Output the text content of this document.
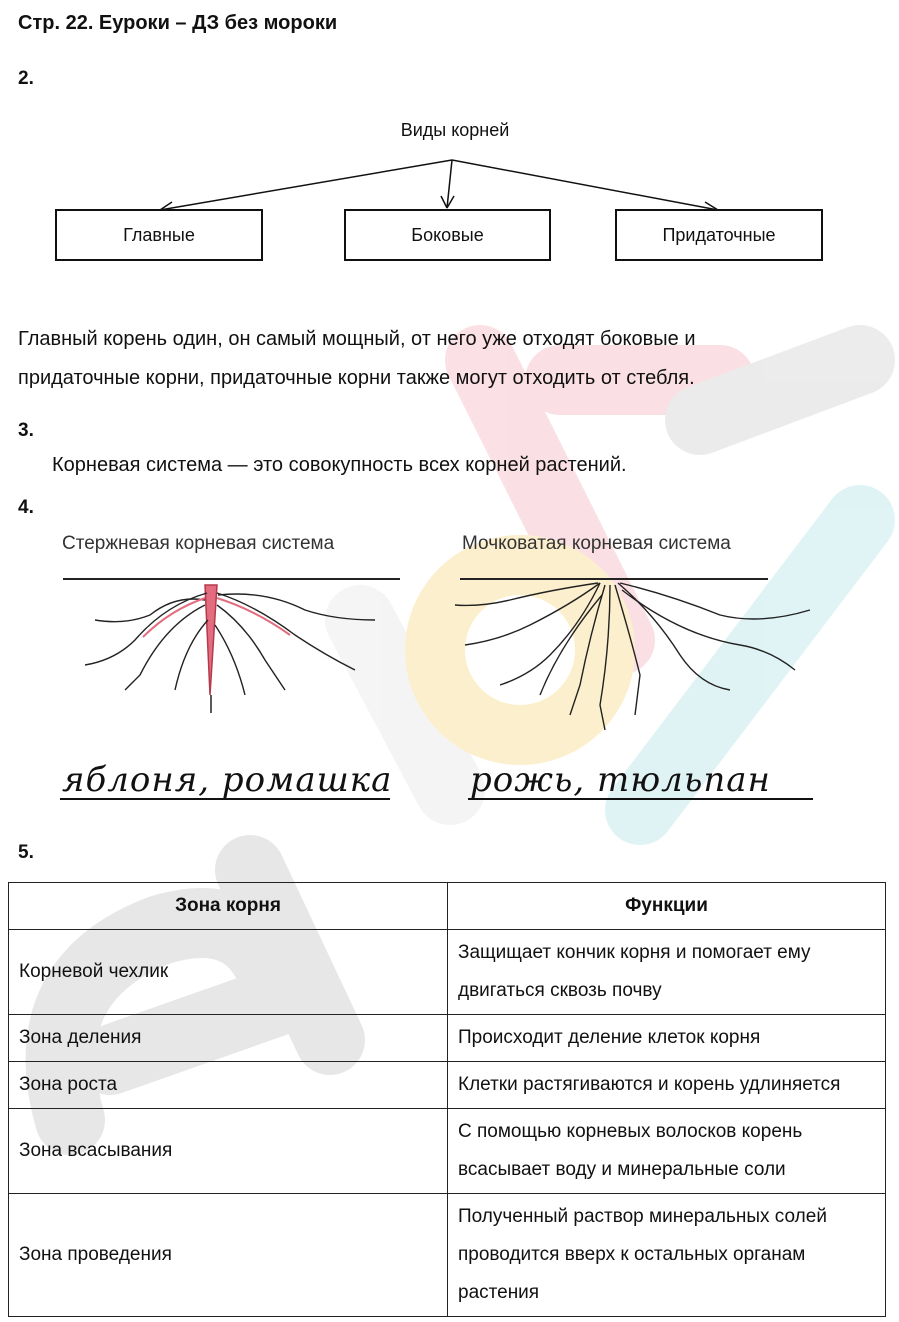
Стр. 22. Еуроки – ДЗ без мороки
2.
Виды корней
Главные	Боковые	Придаточные
Главный корень один, он самый мощный, от него уже отходят боковые и
придаточные корни, придаточные корни также могут отходить от стебля.
3.
Корневая система — это совокупность всех корней растений.
4.
Стержневая корневая система
яблоня, ромашка
Мочковатая корневая система
рожь, тюльпан
5.
Зона корня	Функции
Корневой чехлик	Защищает кончик корня и помогает ему двигаться сквозь почву
Зона деления	Происходит деление клеток корня
Зона роста	Клетки растягиваются и корень удлиняется
Зона всасывания	С помощью корневых волосков корень всасывает воду и минеральные соли
Зона проведения	Полученный раствор минеральных солей проводится вверх к остальных органам растения
